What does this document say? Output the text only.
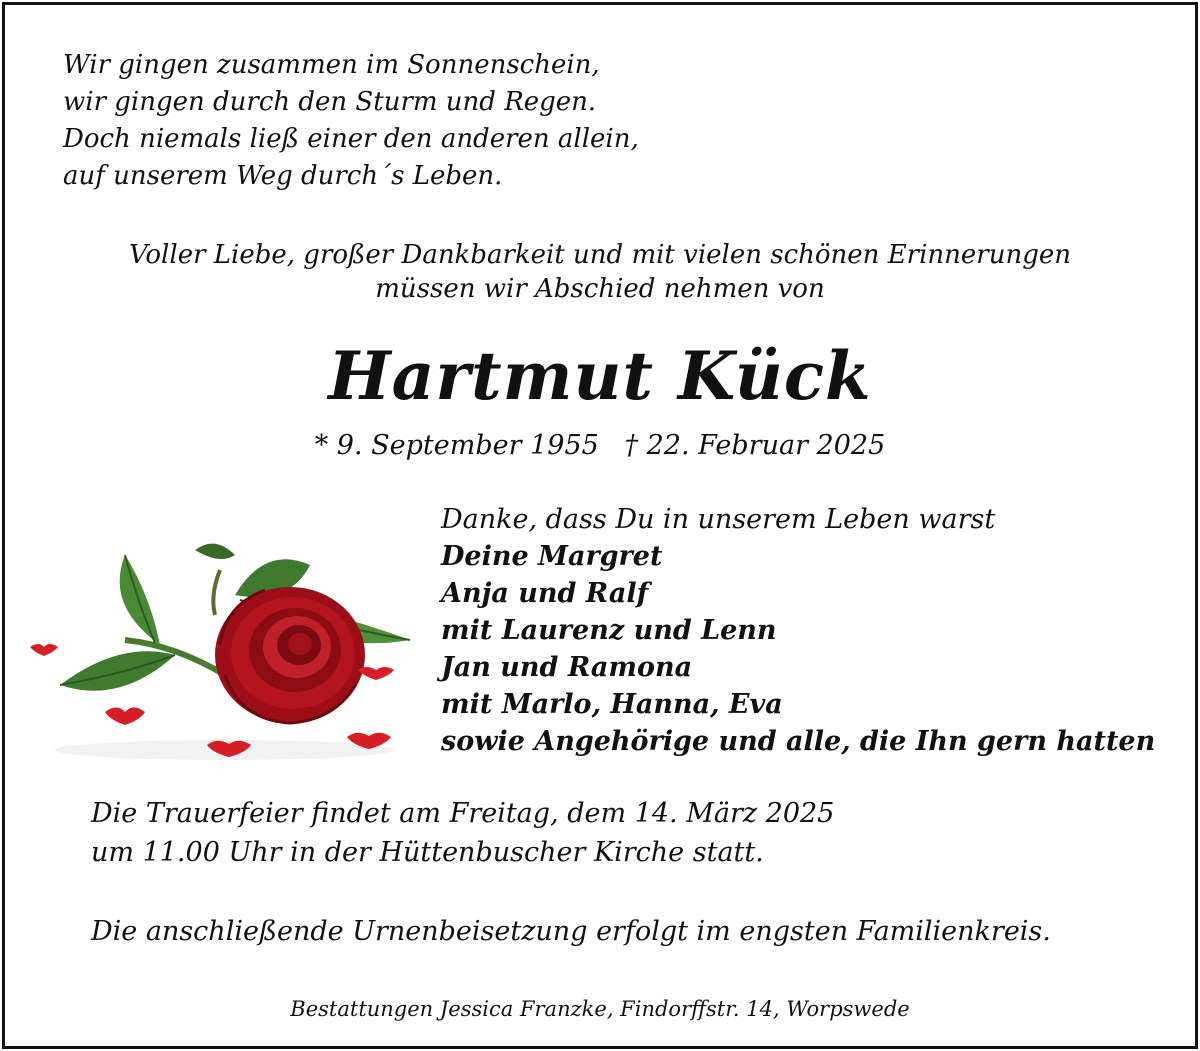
Wir gingen zusammen im Sonnenschein,
wir gingen durch den Sturm und Regen.
Doch niemals ließ einer den anderen allein,
auf unserem Weg durch´s Leben.
Voller Liebe, großer Dankbarkeit und mit vielen schönen Erinnerungen
müssen wir Abschied nehmen von
Hartmut Kück
* 9. September 1955   † 22. Februar 2025
Danke, dass Du in unserem Leben warst
Deine Margret
Anja und Ralf
mit Laurenz und Lenn
Jan und Ramona
mit Marlo, Hanna, Eva
sowie Angehörige und alle, die Ihn gern hatten
Die Trauerfeier findet am Freitag, dem 14. März 2025
um 11.00 Uhr in der Hüttenbuscher Kirche statt.
Die anschließende Urnenbeisetzung erfolgt im engsten Familienkreis.
Bestattungen Jessica Franzke, Findorffstr. 14, Worpswede
